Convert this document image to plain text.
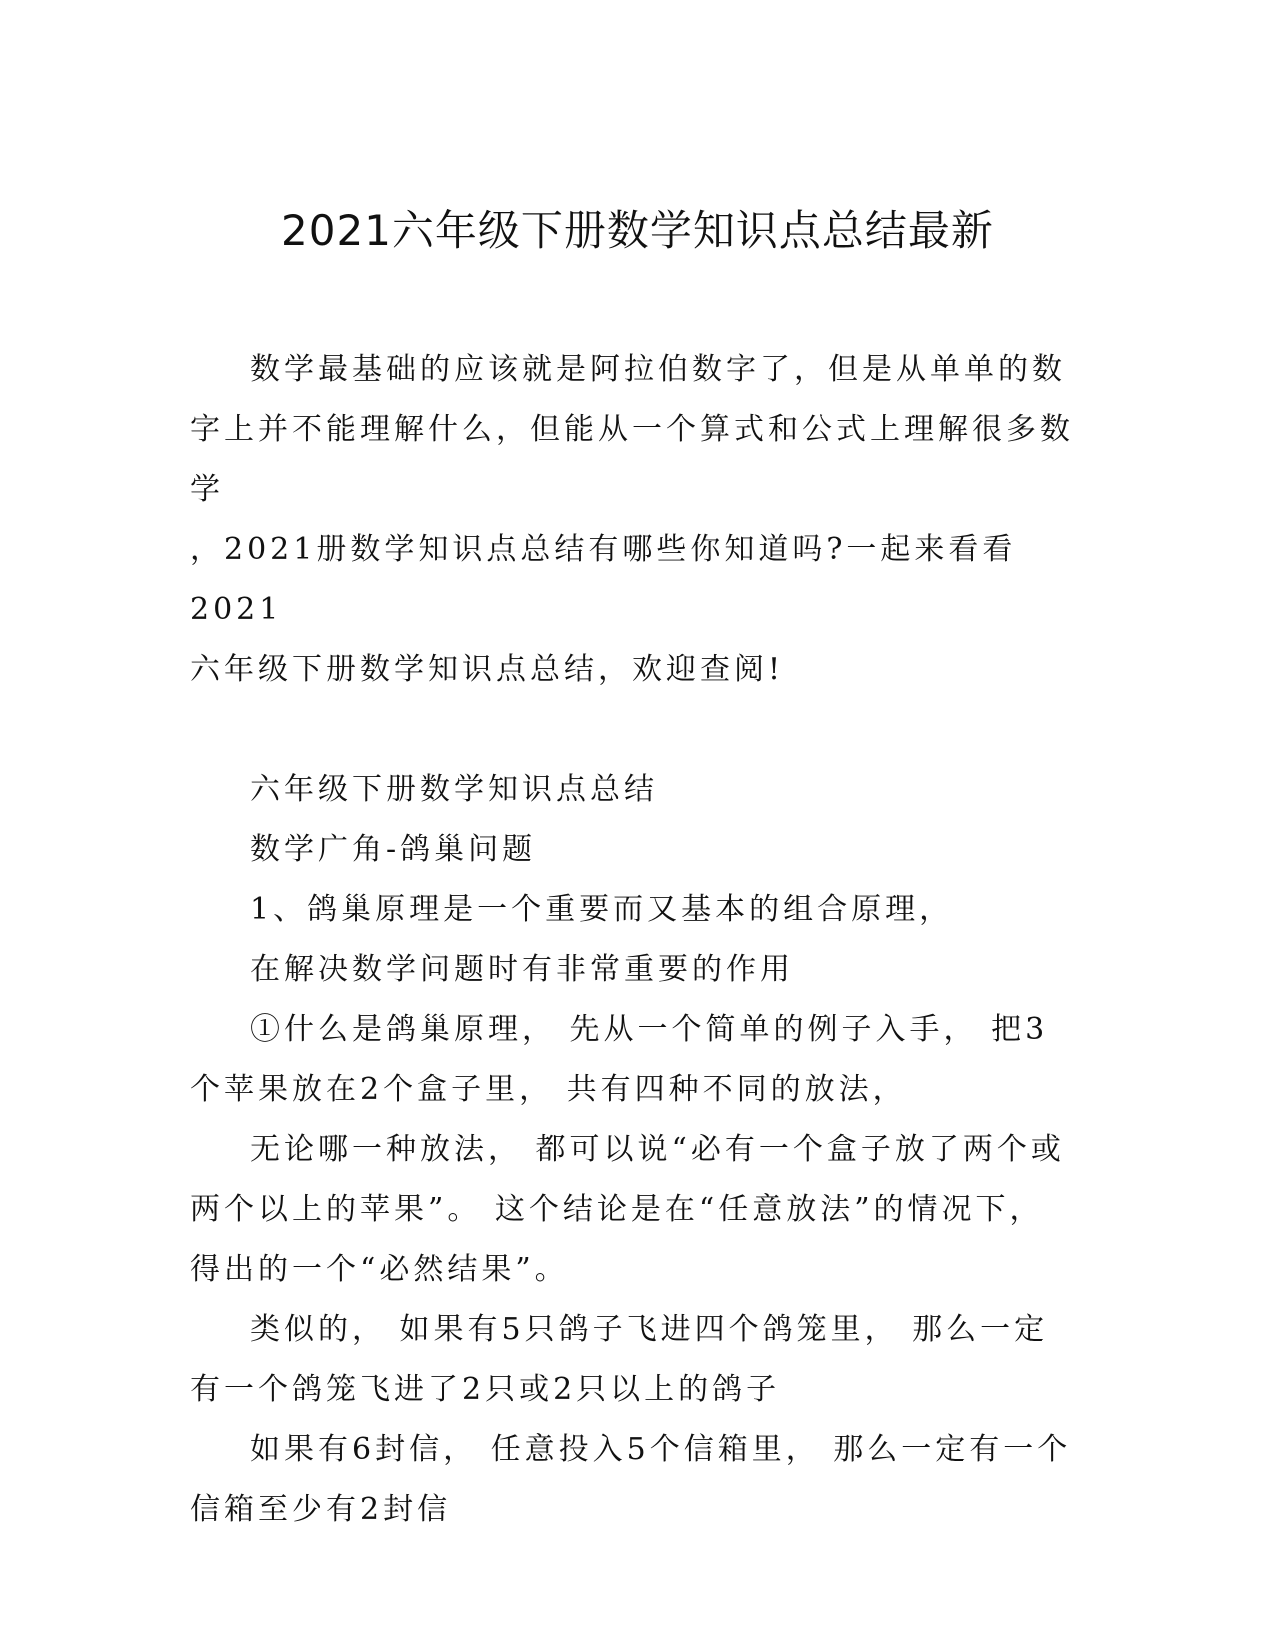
2021六年级下册数学知识点总结最新
数学最基础的应该就是阿拉伯数字了，但是从单单的数
字上并不能理解什么，但能从一个算式和公式上理解很多数学
，2021册数学知识点总结有哪些你知道吗?一起来看看2021
六年级下册数学知识点总结，欢迎查阅!

六年级下册数学知识点总结

数学广角-鸽巢问题

1、鸽巢原理是一个重要而又基本的组合原理，

在解决数学问题时有非常重要的作用

①什么是鸽巢原理， 先从一个简单的例子入手， 把3个苹果放在2个盒子里， 共有四种不同的放法，

无论哪一种放法， 都可以说“必有一个盒子放了两个或两个以上的苹果”。 这个结论是在“任意放法”的情况下， 得出的一个“必然结果”。

类似的， 如果有5只鸽子飞进四个鸽笼里， 那么一定有一个鸽笼飞进了2只或2只以上的鸽子

如果有6封信， 任意投入5个信箱里， 那么一定有一个信箱至少有2封信
